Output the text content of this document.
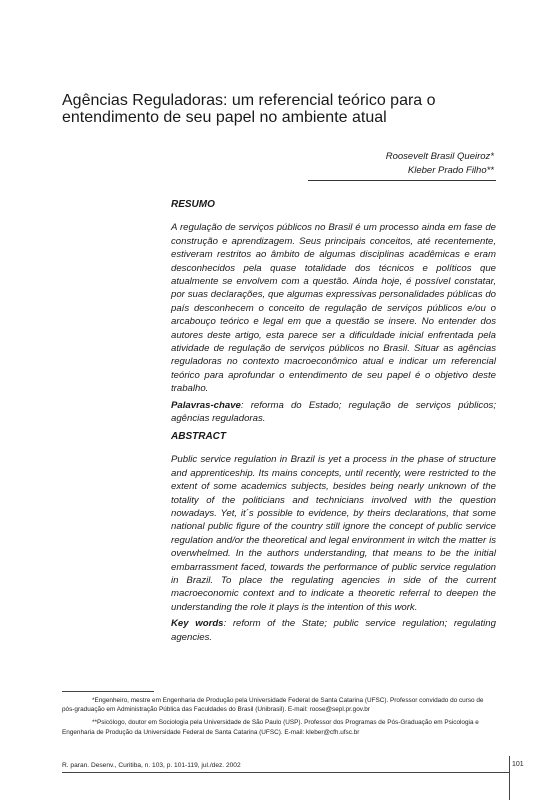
Agências Reguladoras: um referencial teórico para o
entendimento de seu papel no ambiente atual
Roosevelt Brasil Queiroz*
Kleber Prado Filho**
RESUMO
A regulação de serviços públicos no Brasil é um processo ainda em fase de construção e aprendizagem. Seus principais conceitos, até recentemente, estiveram restritos ao âmbito de algumas disciplinas acadêmicas e eram desconhecidos pela quase totalidade dos técnicos e políticos que atualmente se envolvem com a questão. Ainda hoje, é possível constatar, por suas declarações, que algumas expressivas personalidades públicas do país desconhecem o conceito de regulação de serviços públicos e/ou o arcabouço teórico e legal em que a questão se insere. No entender dos autores deste artigo, esta parece ser a dificuldade inicial enfrentada pela atividade de regulação de serviços públicos no Brasil. Situar as agências reguladoras no contexto macroeconômico atual e indicar um referencial teórico para aprofundar o entendimento de seu papel é o objetivo deste trabalho.
Palavras-chave: reforma do Estado; regulação de serviços públicos; agências reguladoras.
ABSTRACT
Public service regulation in Brazil is yet a process in the phase of structure and apprenticeship. Its mains concepts, until recently, were restricted to the extent of some academics subjects, besides being nearly unknown of the totality of the politicians and technicians involved with the question nowadays. Yet, it´s possible to evidence, by theirs declarations, that some national public figure of the country still ignore the concept of public service regulation and/or the theoretical and legal environment in witch the matter is overwhelmed. In the authors understanding, that means to be the initial embarrassment faced, towards the performance of public service regulation in Brazil. To place the regulating agencies in side of the current macroeconomic context and to indicate a theoretic referral to deepen the understanding the role it plays is the intention of this work.
Key words: reform of the State; public service regulation; regulating agencies.

*Engenheiro, mestre em Engenharia de Produção pela Universidade Federal de Santa Catarina (UFSC). Professor convidado do curso de pós-graduação em Administração Pública das Faculdades do Brasil (Unibrasil). E-mail: roose@sepl.pr.gov.br

**Psicólogo, doutor em Sociologia pela Universidade de São Paulo (USP). Professor dos Programas de Pós-Graduação em Psicologia e Engenharia de Produção da Universidade Federal de Santa Catarina (UFSC). E-mail: kleber@cfh.ufsc.br

R. paran. Desenv., Curitiba, n. 103, p. 101-119, jul./dez. 2002	101
